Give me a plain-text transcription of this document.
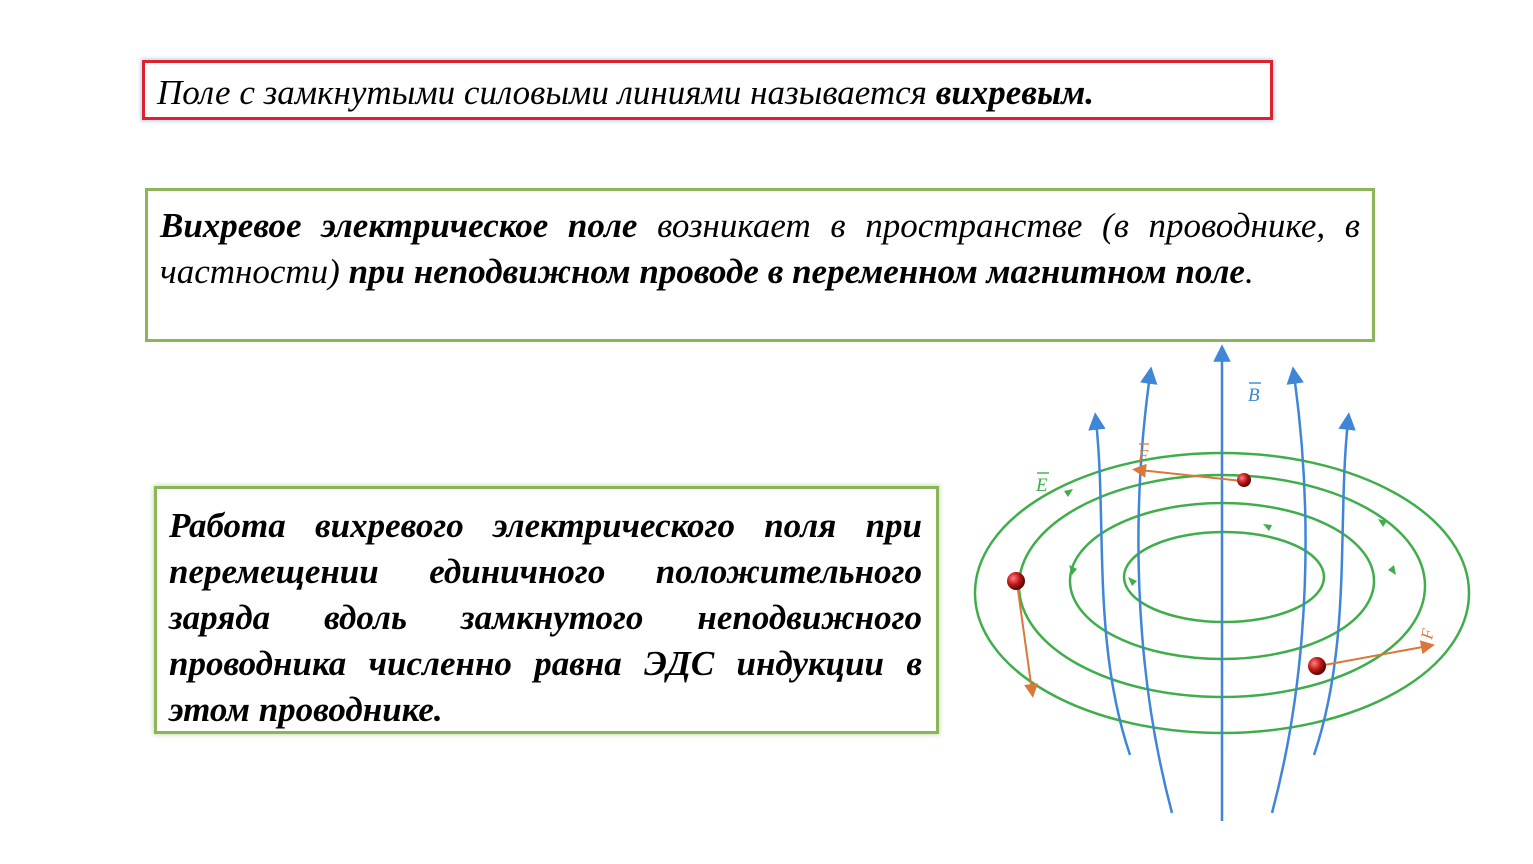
Поле с замкнутыми силовыми линиями называется вихревым.
Вихревое электрическое поле возникает в пространстве (в проводнике, в частности) при неподвижном проводе в переменном магнитном поле.
Работа вихревого электрического поля при перемещении единичного положительного заряда вдоль замкнутого неподвижного проводника численно равна ЭДС индукции в этом проводнике.
B
E
F
F
